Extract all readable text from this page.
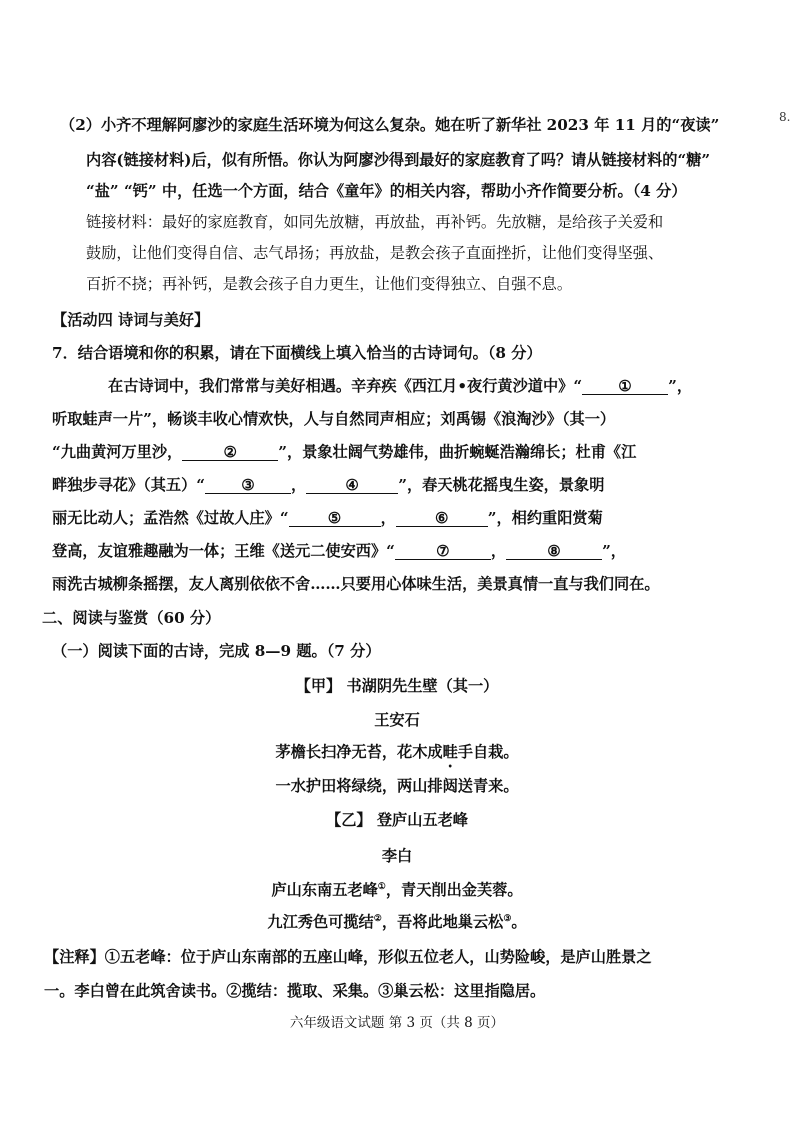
8.
（2）小齐不理解阿廖沙的家庭生活环境为何这么复杂。她在听了新华社 2023 年 11 月的“夜读”
内容(链接材料)后，似有所悟。你认为阿廖沙得到最好的家庭教育了吗？请从链接材料的“糖”
“盐” “钙” 中，任选一个方面，结合《童年》的相关内容，帮助小齐作简要分析。（4 分）
链接材料：最好的家庭教育，如同先放糖，再放盐，再补钙。先放糖，是给孩子关爱和
鼓励，让他们变得自信、志气昂扬；再放盐，是教会孩子直面挫折，让他们变得坚强、
百折不挠；再补钙，是教会孩子自力更生，让他们变得独立、自强不息。
【活动四 诗词与美好】
7．结合语境和你的积累，请在下面横线上填入恰当的古诗词句。（8 分）
在古诗词中，我们常常与美好相遇。辛弃疾《西江月•夜行黄沙道中》“ ① ”，
听取蛙声一片”，畅谈丰收心情欢快，人与自然同声相应；刘禹锡《浪淘沙》（其一）
“九曲黄河万里沙，	②	”，景象壮阔气势雄伟，曲折蜿蜒浩瀚绵长；杜甫《江
畔独步寻花》（其五）“ ③ ，	④	”，春天桃花摇曳生姿，景象明
丽无比动人；孟浩然《过故人庄》“	⑤	，	⑥	”，相约重阳赏菊
登高，友谊雅趣融为一体；王维《送元二使安西》“	⑦	，	⑧	”，
雨洗古城柳条摇摆，友人离别依依不舍……只要用心体味生活，美景真情一直与我们同在。
二、阅读与鉴赏（60 分）
（一）阅读下面的古诗，完成 8—9 题。（7 分）
【甲】 书湖阴先生壁（其一）
王安石
茅檐长扫净无苔，花木成畦手自栽。
一水护田将绿绕，两山排闼送青来。
【乙】 登庐山五老峰
李白
庐山东南五老峰①，青天削出金芙蓉。
九江秀色可揽结②，吾将此地巢云松③。
【注释】①五老峰：位于庐山东南部的五座山峰，形似五位老人，山势险峻，是庐山胜景之
一。李白曾在此筑舍读书。②揽结：揽取、采集。③巢云松：这里指隐居。
六年级语文试题 第 3 页（共 8 页）
